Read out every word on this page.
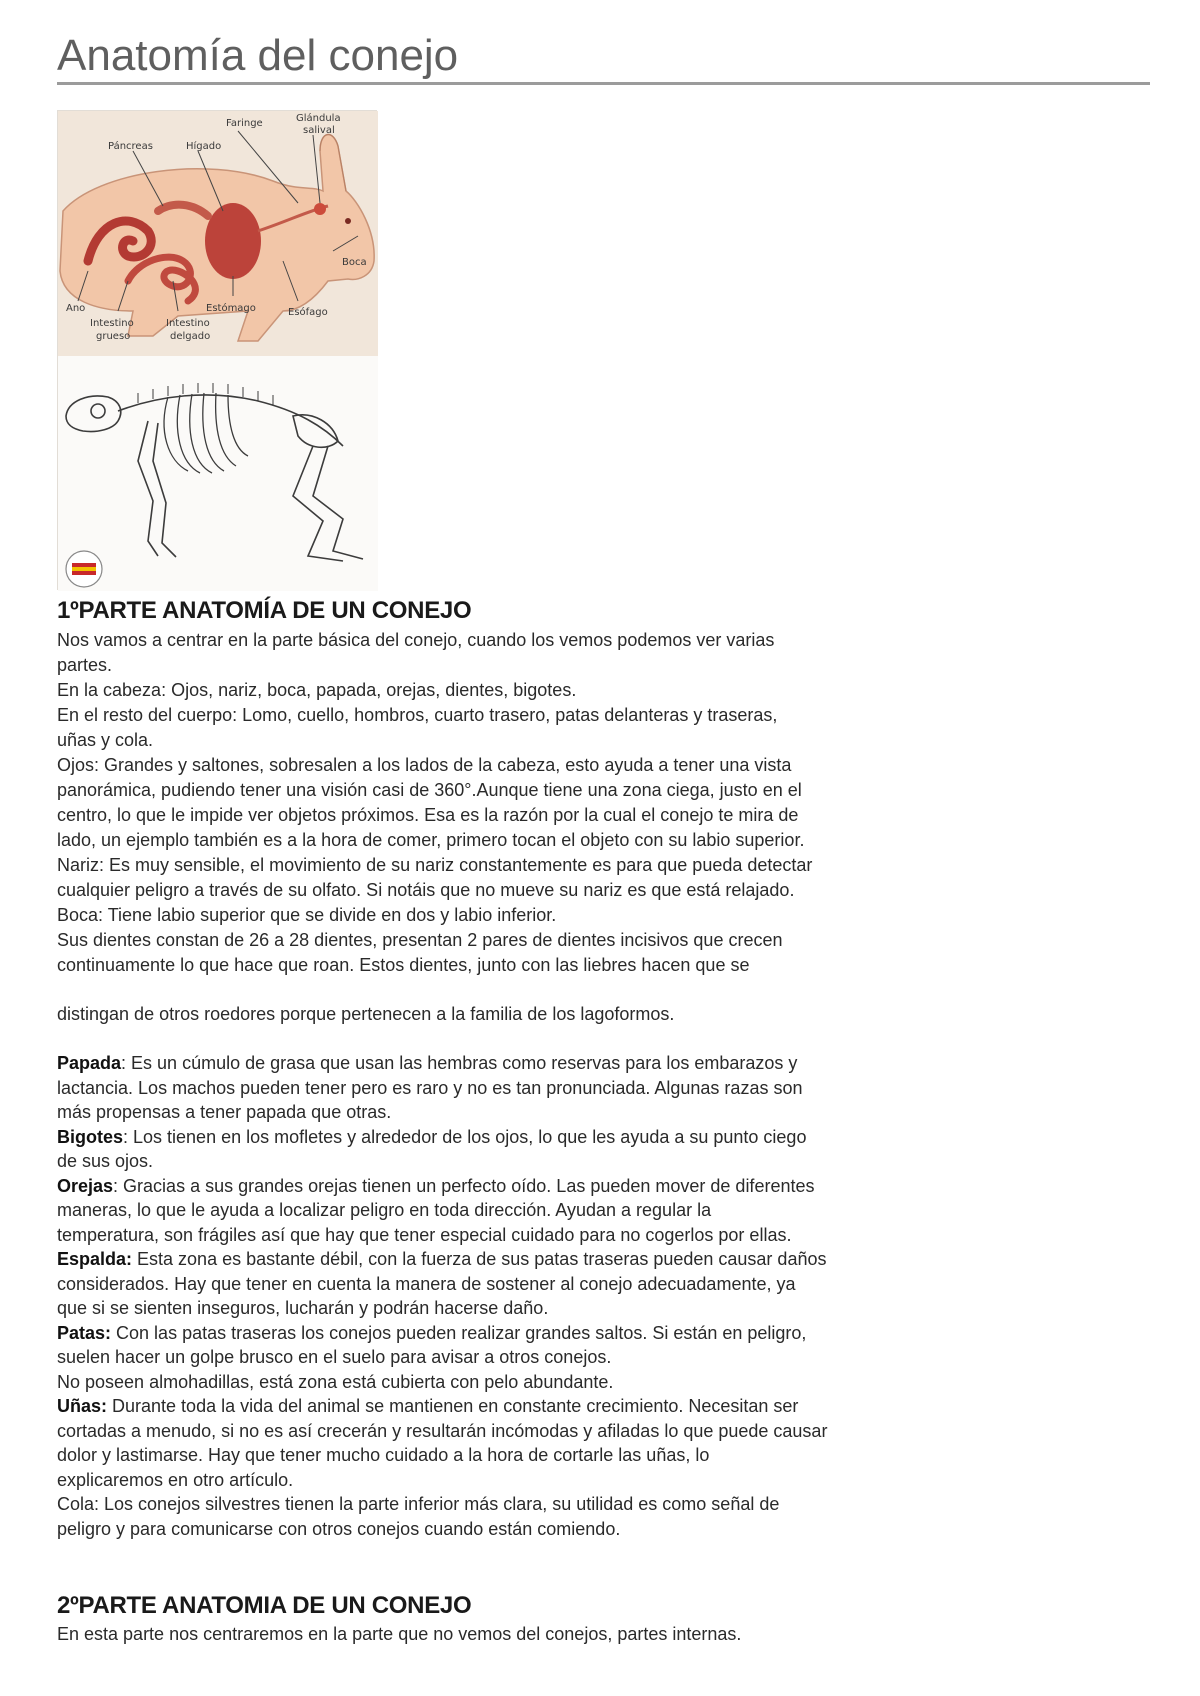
Anatomía del conejo
Faringe	Glándula
salival
Páncreas	Hígado
Boca
Ano	Estómago	Esófago
Intestino
grueso
Intestino
delgado
1ºPARTE ANATOMÍA DE UN CONEJO
Nos vamos a centrar en la parte básica del conejo, cuando los vemos podemos ver varias
partes.
En la cabeza: Ojos, nariz, boca, papada, orejas, dientes, bigotes.
En el resto del cuerpo: Lomo, cuello, hombros, cuarto trasero, patas delanteras y traseras,
uñas y cola.
Ojos: Grandes y saltones, sobresalen a los lados de la cabeza, esto ayuda a tener una vista
panorámica, pudiendo tener una visión casi de 360°.Aunque tiene una zona ciega, justo en el
centro, lo que le impide ver objetos próximos. Esa es la razón por la cual el conejo te mira de
lado, un ejemplo también es a la hora de comer, primero tocan el objeto con su labio superior.
Nariz: Es muy sensible, el movimiento de su nariz constantemente es para que pueda detectar
cualquier peligro a través de su olfato. Si notáis que no mueve su nariz es que está relajado.
Boca: Tiene labio superior que se divide en dos y labio inferior.
Sus dientes constan de 26 a 28 dientes, presentan 2 pares de dientes incisivos que crecen
continuamente lo que hace que roan. Estos dientes, junto con las liebres hacen que se
distingan de otros roedores porque pertenecen a la familia de los lagoformos.
Papada: Es un cúmulo de grasa que usan las hembras como reservas para los embarazos y
lactancia. Los machos pueden tener pero es raro y no es tan pronunciada. Algunas razas son
más propensas a tener papada que otras.
Bigotes: Los tienen en los mofletes y alrededor de los ojos, lo que les ayuda a su punto ciego
de sus ojos.
Orejas: Gracias a sus grandes orejas tienen un perfecto oído. Las pueden mover de diferentes
maneras, lo que le ayuda a localizar peligro en toda dirección. Ayudan a regular la
temperatura, son frágiles así que hay que tener especial cuidado para no cogerlos por ellas.
Espalda: Esta zona es bastante débil, con la fuerza de sus patas traseras pueden causar daños
considerados. Hay que tener en cuenta la manera de sostener al conejo adecuadamente, ya
que si se sienten inseguros, lucharán y podrán hacerse daño.
Patas: Con las patas traseras los conejos pueden realizar grandes saltos. Si están en peligro,
suelen hacer un golpe brusco en el suelo para avisar a otros conejos.
No poseen almohadillas, está zona está cubierta con pelo abundante.
Uñas: Durante toda la vida del animal se mantienen en constante crecimiento. Necesitan ser
cortadas a menudo, si no es así crecerán y resultarán incómodas y afiladas lo que puede causar
dolor y lastimarse. Hay que tener mucho cuidado a la hora de cortarle las uñas, lo
explicaremos en otro artículo.
Cola: Los conejos silvestres tienen la parte inferior más clara, su utilidad es como señal de
peligro y para comunicarse con otros conejos cuando están comiendo.
2ºPARTE ANATOMIA DE UN CONEJO
En esta parte nos centraremos en la parte que no vemos del conejos, partes internas.
